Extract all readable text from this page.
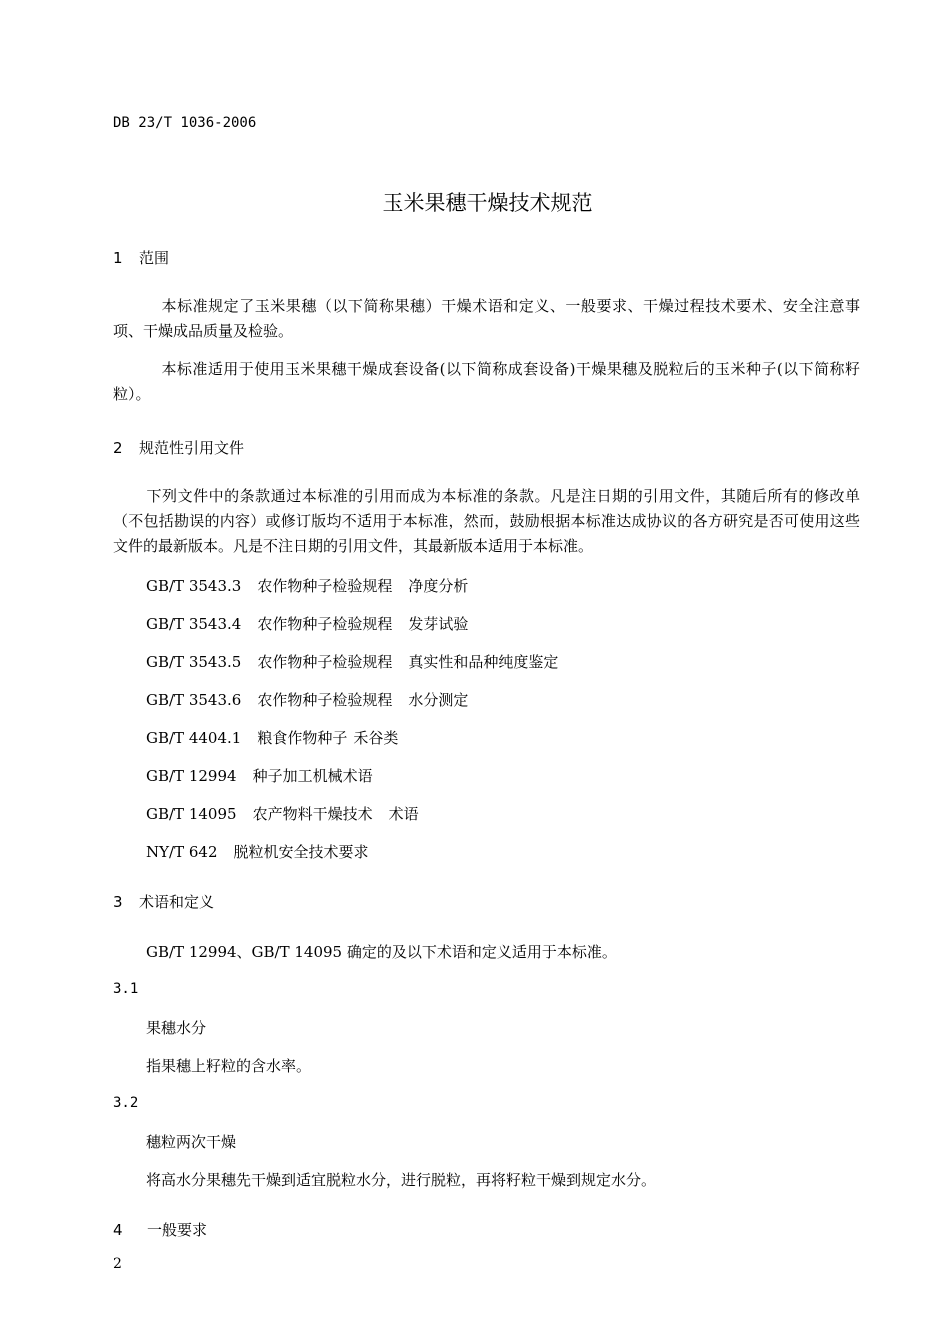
DB 23/T 1036-2006
玉米果穗干燥技术规范
1 范围
本标准规定了玉米果穗（以下简称果穗）干燥术语和定义、一般要求、干燥过程技术要术、安全注意事项、干燥成品质量及检验。
本标准适用于使用玉米果穗干燥成套设备(以下简称成套设备)干燥果穗及脱粒后的玉米种子(以下简称籽粒）。
2 规范性引用文件
下列文件中的条款通过本标准的引用而成为本标准的条款。凡是注日期的引用文件，其随后所有的修改单（不包括勘误的内容）或修订版均不适用于本标准，然而，鼓励根据本标准达成协议的各方研究是否可使用这些文件的最新版本。凡是不注日期的引用文件，其最新版本适用于本标准。
GB/T 3543.3 农作物种子检验规程 净度分析
GB/T 3543.4 农作物种子检验规程 发芽试验
GB/T 3543.5 农作物种子检验规程 真实性和品种纯度鉴定
GB/T 3543.6 农作物种子检验规程 水分测定
GB/T 4404.1 粮食作物种子 禾谷类
GB/T 12994 种子加工机械术语
GB/T 14095 农产物料干燥技术 术语
NY/T 642 脱粒机安全技术要求
3 术语和定义
GB/T 12994、GB/T 14095 确定的及以下术语和定义适用于本标准。
3.1
果穗水分
指果穗上籽粒的含水率。
3.2
穗粒两次干燥
将高水分果穗先干燥到适宜脱粒水分，进行脱粒，再将籽粒干燥到规定水分。
4 一般要求
2
